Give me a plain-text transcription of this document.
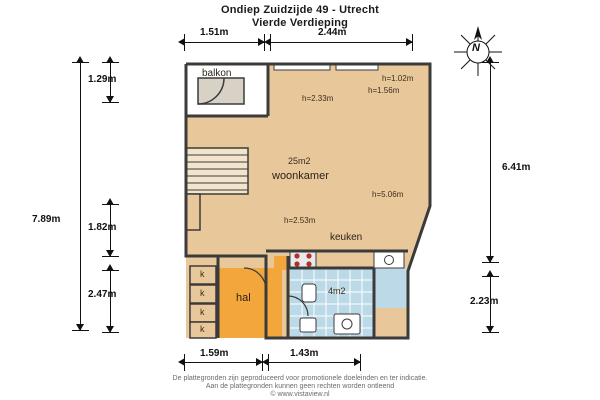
Ondiep Zuidzijde 49 - Utrecht
Vierde Verdieping
N
1.51m	2.44m
7.89m
1.29m
1.82m
2.47m
6.41m
2.23m
1.59m	1.43m
balkon
25m2
woonkamer
keuken
hal
4m2
h=1.02m
h=1.56m
h=2.33m
h=5.06m
h=2.53m
k
k
k
k
De plattegronden zijn geproduceerd voor promotionele doeleinden en ter indicatie.
Aan de plattegronden kunnen geen rechten worden ontleend
© www.vistaview.nl
